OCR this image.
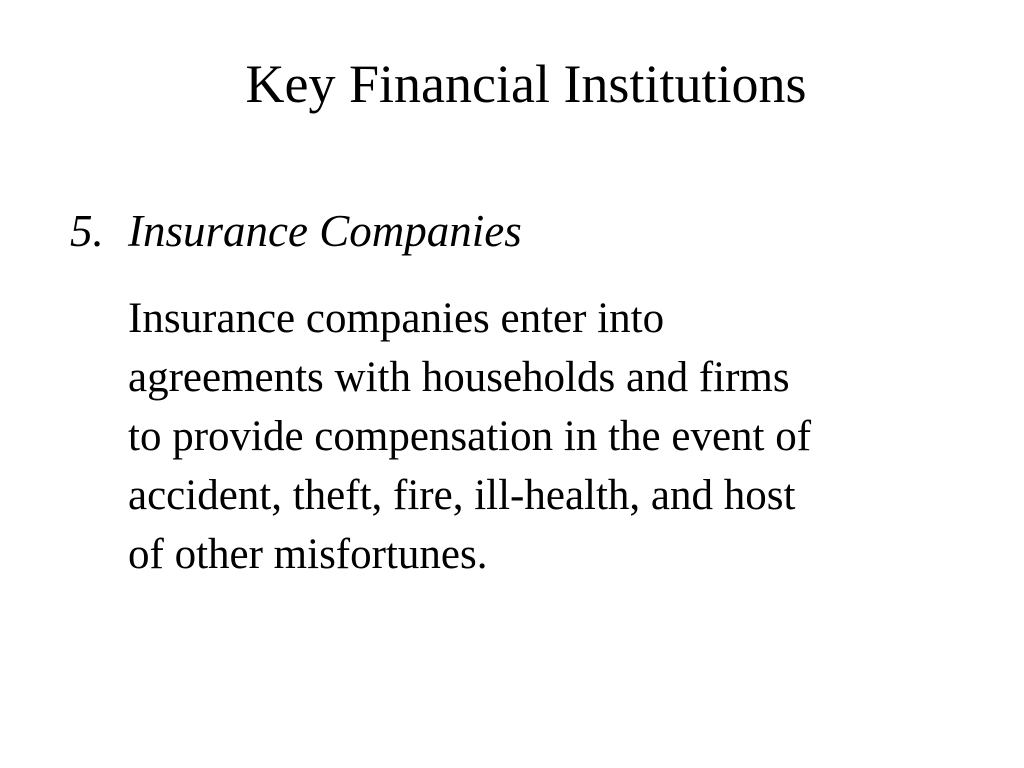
Key Financial Institutions
5. Insurance Companies
Insurance companies enter into
agreements with households and firms
to provide compensation in the event of
accident, theft, fire, ill-health, and host
of other misfortunes.
